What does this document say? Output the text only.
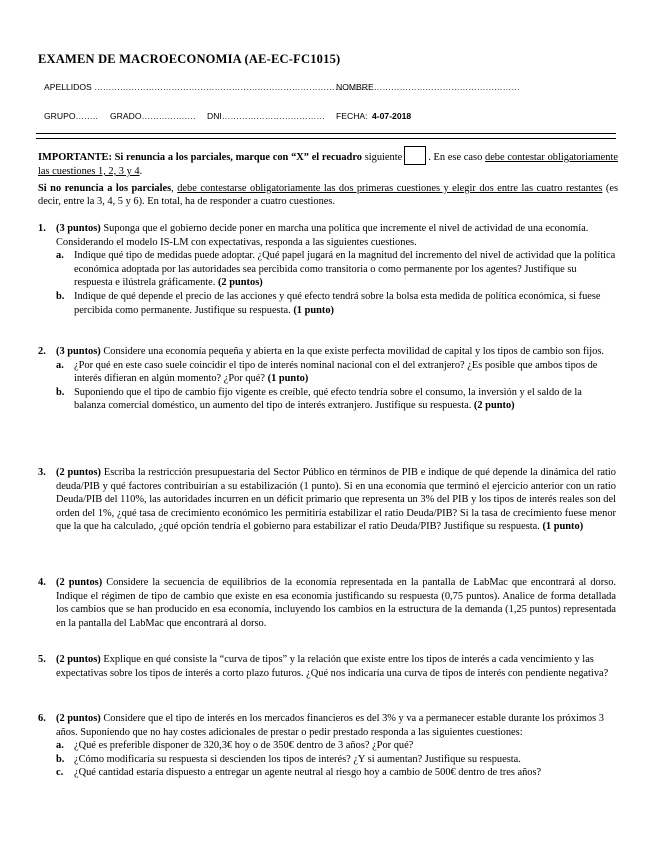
EXAMEN DE MACROECONOMIA (AE-EC-FC1015)
APELLIDOS ……………………………………………………………………………………
NOMBRE……………………………………………
GRUPO…….. GRADO………………. DNI……………………………… FECHA: 4-07-2018
IMPORTANTE: Si renuncia a los parciales, marque con “X” el recuadro siguiente	. En ese caso debe contestar obligatoriamente las cuestiones 1, 2, 3 y 4.
Si no renuncia a los parciales, debe contestarse obligatoriamente las dos primeras cuestiones y elegir dos entre las cuatro restantes (es decir, entre la 3, 4, 5 y 6). En total, ha de responder a cuatro cuestiones.
1. (3 puntos) Suponga que el gobierno decide poner en marcha una política que incremente el nivel de actividad de una economía. Considerando el modelo IS-LM con expectativas, responda a las siguientes cuestiones.
a. Indique qué tipo de medidas puede adoptar. ¿Qué papel jugará en la magnitud del incremento del nivel de actividad que la política económica adoptada por las autoridades sea percibida como transitoria o como permanente por los agentes? Justifique su respuesta e ilústrela gráficamente. (2 puntos)
b. Indique de qué depende el precio de las acciones y qué efecto tendrá sobre la bolsa esta medida de política económica, si fuese percibida como permanente. Justifique su respuesta. (1 punto)
2. (3 puntos) Considere una economía pequeña y abierta en la que existe perfecta movilidad de capital y los tipos de cambio son fijos.
a. ¿Por qué en este caso suele coincidir el tipo de interés nominal nacional con el del extranjero? ¿Es posible que ambos tipos de interés difieran en algún momento? ¿Por qué? (1 punto)
b. Suponiendo que el tipo de cambio fijo vigente es creíble, qué efecto tendría sobre el consumo, la inversión y el saldo de la balanza comercial doméstico, un aumento del tipo de interés extranjero. Justifique su respuesta. (2 punto)
3. (2 puntos) Escriba la restricción presupuestaria del Sector Público en términos de PIB e indique de qué depende la dinámica del ratio deuda/PIB y qué factores contribuirían a su estabilización (1 punto). Si en una economía que terminó el ejercicio anterior con un ratio Deuda/PIB del 110%, las autoridades incurren en un déficit primario que representa un 3% del PIB y los tipos de interés reales son del orden del 1%, ¿qué tasa de crecimiento económico les permitiría estabilizar el ratio Deuda/PIB? Si la tasa de crecimiento fuese menor que la que ha calculado, ¿qué opción tendría el gobierno para estabilizar el ratio Deuda/PIB? Justifique su respuesta. (1 punto)
4. (2 puntos) Considere la secuencia de equilibrios de la economía representada en la pantalla de LabMac que encontrará al dorso. Indique el régimen de tipo de cambio que existe en esa economía justificando su respuesta (0,75 puntos). Analice de forma detallada los cambios que se han producido en esa economía, incluyendo los cambios en la estructura de la demanda (1,25 puntos) representada en la pantalla del LabMac que encontrará al dorso.
5. (2 puntos) Explique en qué consiste la “curva de tipos” y la relación que existe entre los tipos de interés a cada vencimiento y las expectativas sobre los tipos de interés a corto plazo futuros. ¿Qué nos indicaría una curva de tipos de interés con pendiente negativa?
6. (2 puntos) Considere que el tipo de interés en los mercados financieros es del 3% y va a permanecer estable durante los próximos 3 años. Suponiendo que no hay costes adicionales de prestar o pedir prestado responda a las siguientes cuestiones:
a. ¿Qué es preferible disponer de 320,3€ hoy o de 350€ dentro de 3 años? ¿Por qué?
b. ¿Cómo modificaría su respuesta si descienden los tipos de interés? ¿Y si aumentan? Justifique su respuesta.
c. ¿Qué cantidad estaría dispuesto a entregar un agente neutral al riesgo hoy a cambio de 500€ dentro de tres años?
